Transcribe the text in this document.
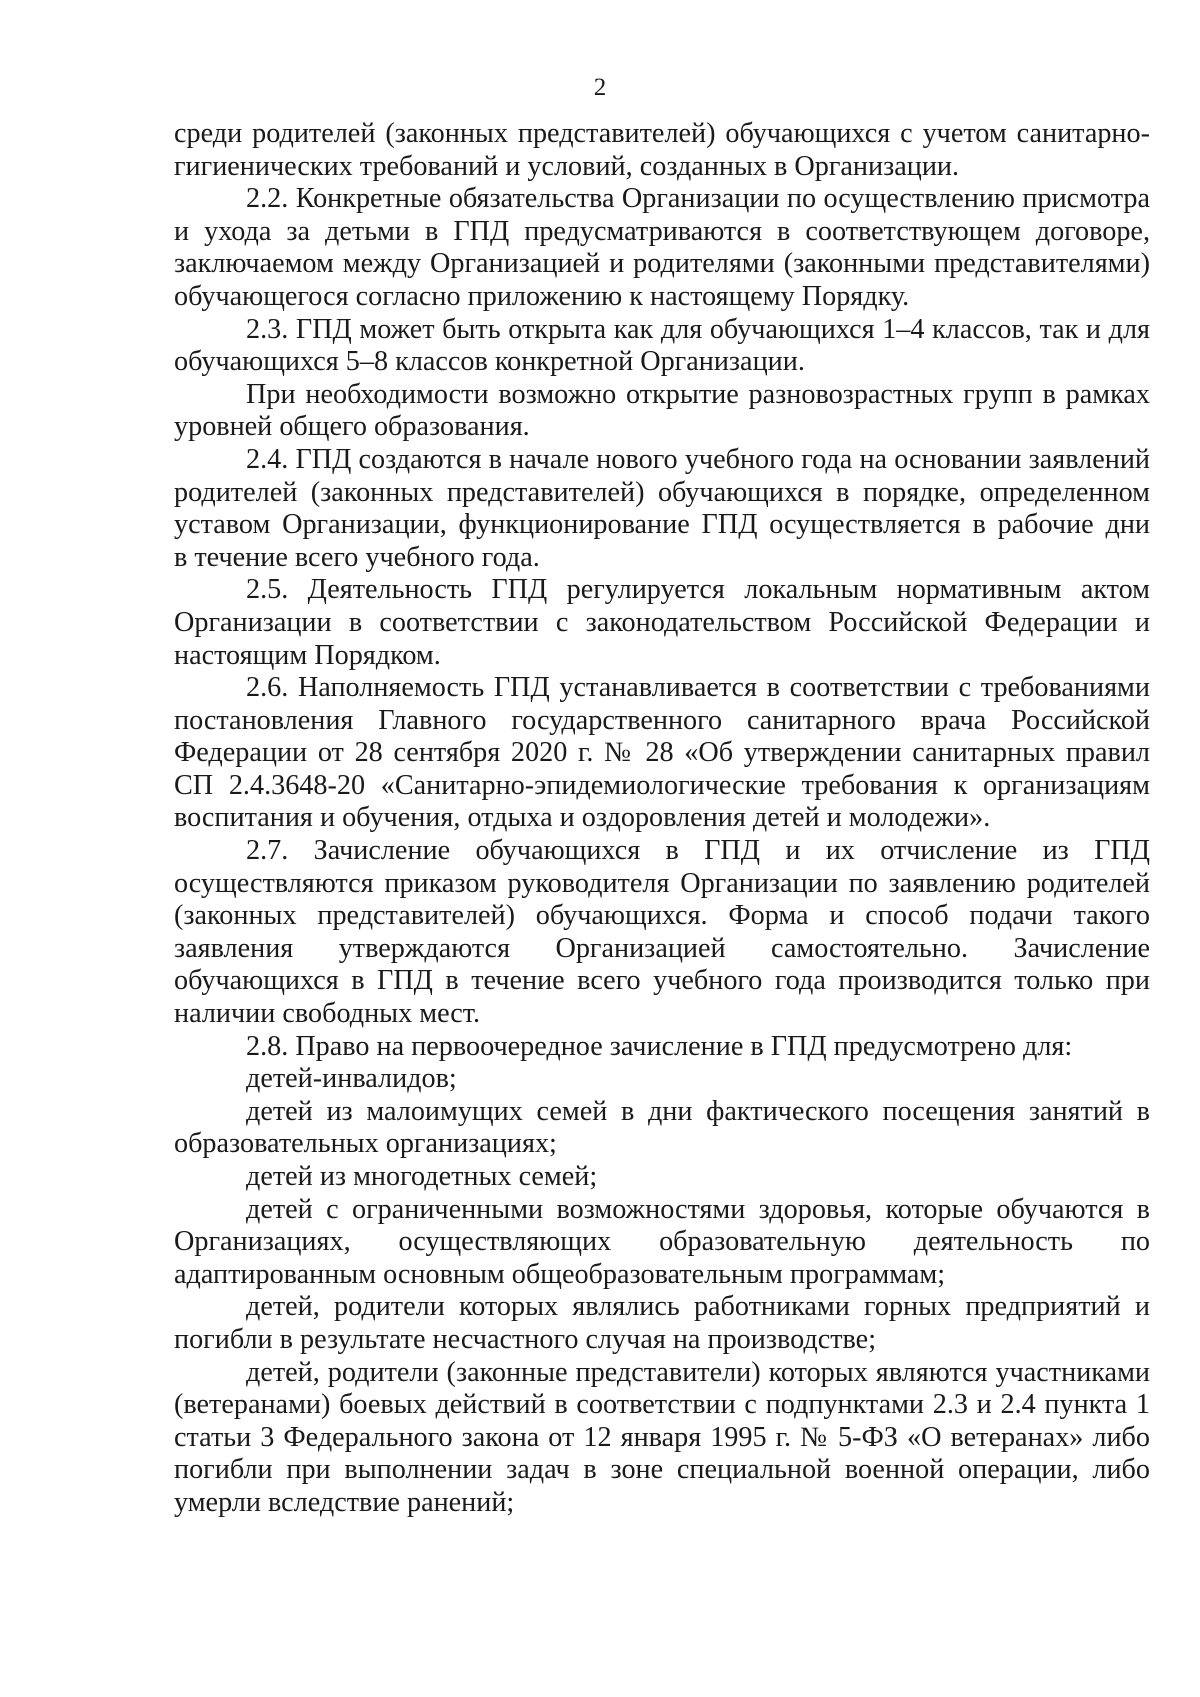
2

среди родителей (законных представителей) обучающихся с учетом санитарно-гигиенических требований и условий, созданных в Организации.

2.2. Конкретные обязательства Организации по осуществлению присмотра и ухода за детьми в ГПД предусматриваются в соответствующем договоре, заключаемом между Организацией и родителями (законными представителями) обучающегося согласно приложению к настоящему Порядку.

2.3. ГПД может быть открыта как для обучающихся 1–4 классов, так и для обучающихся 5–8 классов конкретной Организации.

При необходимости возможно открытие разновозрастных групп в рамках уровней общего образования.

2.4. ГПД создаются в начале нового учебного года на основании заявлений родителей (законных представителей) обучающихся в порядке, определенном уставом Организации, функционирование ГПД осуществляется в рабочие дни

в течение всего учебного года.

2.5. Деятельность ГПД регулируется локальным нормативным актом Организации в соответствии с законодательством Российской Федерации и настоящим Порядком.

2.6. Наполняемость ГПД устанавливается в соответствии с требованиями постановления Главного государственного санитарного врача Российской Федерации от 28 сентября 2020 г. № 28 «Об утверждении санитарных правил СП 2.4.3648-20 «Санитарно-эпидемиологические требования к организациям воспитания и обучения, отдыха и оздоровления детей и молодежи».

2.7. Зачисление обучающихся в ГПД и их отчисление из ГПД осуществляются приказом руководителя Организации по заявлению родителей (законных представителей) обучающихся. Форма и способ подачи такого заявления утверждаются Организацией самостоятельно. Зачисление обучающихся в ГПД в течение всего учебного года производится только при наличии свободных мест.

2.8. Право на первоочередное зачисление в ГПД предусмотрено для:

детей-инвалидов;

детей из малоимущих семей в дни фактического посещения занятий в образовательных организациях;

детей из многодетных семей;

детей с ограниченными возможностями здоровья, которые обучаются в Организациях, осуществляющих образовательную деятельность по адаптированным основным общеобразовательным программам;

детей, родители которых являлись работниками горных предприятий и погибли в результате несчастного случая на производстве;

детей, родители (законные представители) которых являются участниками (ветеранами) боевых действий в соответствии с подпунктами 2.3 и 2.4 пункта 1 статьи 3 Федерального закона от 12 января 1995 г. № 5-ФЗ «О ветеранах» либо погибли при выполнении задач в зоне специальной военной операции, либо умерли вследствие ранений;
